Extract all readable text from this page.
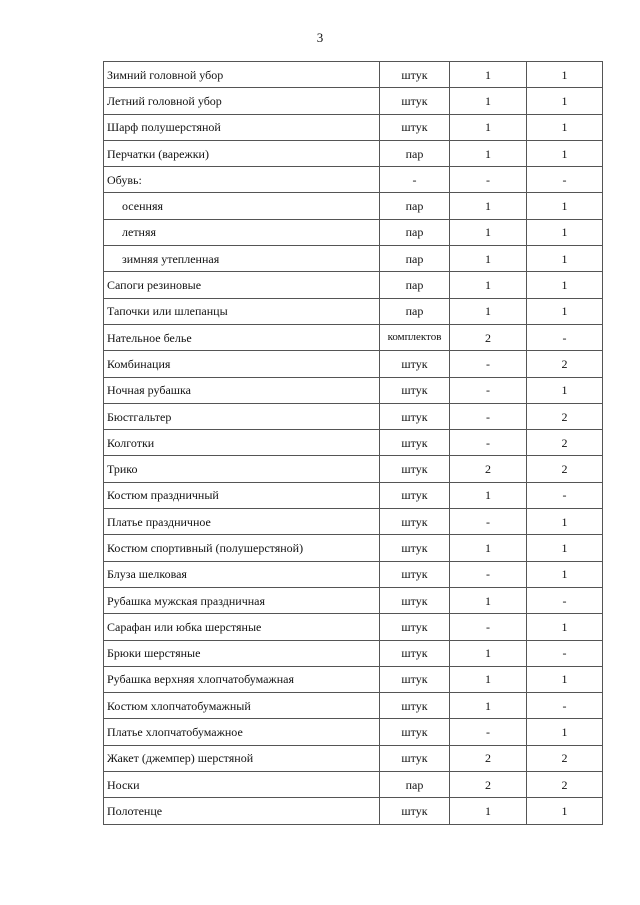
3
Зимний головной убор	штук	1	1
Летний головной убор	штук	1	1
Шарф полушерстяной	штук	1	1
Перчатки (варежки)	пар	1	1
Обувь:	-	-	-
осенняя	пар	1	1
летняя	пар	1	1
зимняя утепленная	пар	1	1
Сапоги резиновые	пар	1	1
Тапочки или шлепанцы	пар	1	1
Нательное белье	комплектов	2	-
Комбинация	штук	-	2
Ночная рубашка	штук	-	1
Бюстгальтер	штук	-	2
Колготки	штук	-	2
Трико	штук	2	2
Костюм праздничный	штук	1	-
Платье праздничное	штук	-	1
Костюм спортивный (полушерстяной)	штук	1	1
Блуза шелковая	штук	-	1
Рубашка мужская праздничная	штук	1	-
Сарафан или юбка шерстяные	штук	-	1
Брюки шерстяные	штук	1	-
Рубашка верхняя хлопчатобумажная	штук	1	1
Костюм хлопчатобумажный	штук	1	-
Платье хлопчатобумажное	штук	-	1
Жакет (джемпер) шерстяной	штук	2	2
Носки	пар	2	2
Полотенце	штук	1	1
